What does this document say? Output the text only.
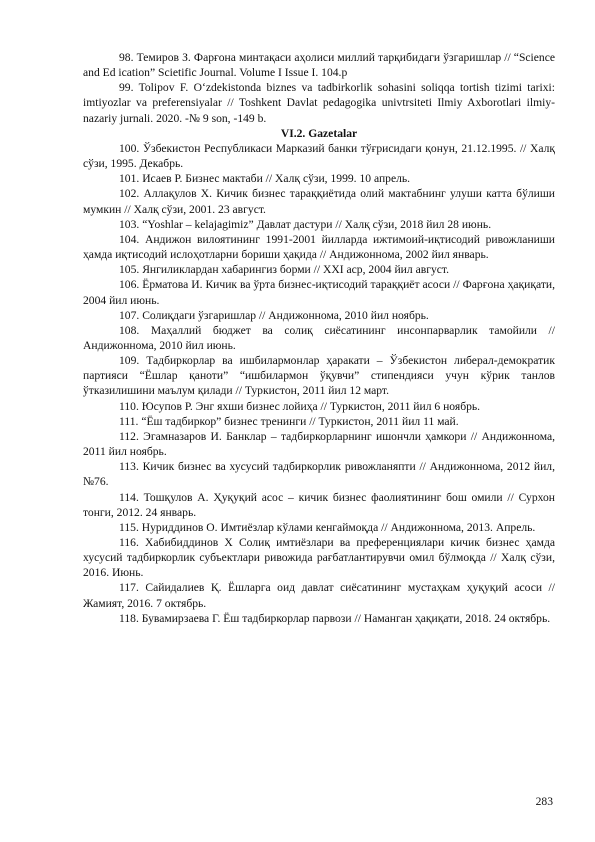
98. Темиров З. Фарғона минтақаси аҳолиси миллий тарқибидаги ўзгаришлар // “Science and Ed ication” Scietific Journal. Volume I Issue I. 104.p

99. Tolipov F. O‘zdekistonda biznes va tadbirkorlik sohasini soliqqa tortish tizimi tarixi: imtiyozlar va preferensiyalar // Toshkent Davlat pedagogika univtrsiteti Ilmiy Axborotlari ilmiy-nazariy jurnali. 2020. -№ 9 son, -149 b.

VI.2. Gazetalar

100. Ўзбекистон Республикаси Марказий банки тўғрисидаги қонун, 21.12.1995. // Халқ сўзи, 1995. Декабрь.

101. Исаев Р. Бизнес мактаби // Халқ сўзи, 1999. 10 апрель.

102. Аллақулов Х. Кичик бизнес тараққиётида олий мактабнинг улуши катта бўлиши мумкин // Халқ сўзи, 2001. 23 август.

103. “Yoshlar – kelajagimiz” Давлат дастури // Халқ сўзи, 2018 йил 28 июнь.

104. Андижон вилоятининг 1991-2001 йилларда ижтимоий-иқтисодий ривожланиши ҳамда иқтисодий ислоҳотларни бориши ҳақида // Андижоннома, 2002 йил январь.

105. Янгиликлардан хабарингиз борми // XXI аср, 2004 йил август.

106. Ёрматова И. Кичик ва ўрта бизнес-иқтисодий тараққиёт асоси // Фарғона ҳақиқати, 2004 йил июнь.

107. Солиқдаги ўзгаришлар // Андижоннома, 2010 йил ноябрь.

108. Маҳаллий бюджет ва солиқ сиёсатининг инсонпарварлик тамойили // Андижоннома, 2010 йил июнь.

109. Тадбиркорлар ва ишбилармонлар ҳаракати – Ўзбекистон либерал-демократик партияси “Ёшлар қаноти” “ишбилармон ўқувчи” стипендияси учун кўрик танлов ўтказилишини маълум қилади // Туркистон, 2011 йил 12 март.

110. Юсупов Р. Энг яхши бизнес лойиҳа // Туркистон, 2011 йил 6 ноябрь.

111. “Ёш тадбиркор” бизнес тренинги // Туркистон, 2011 йил 11 май.

112. Эгамназаров И. Банклар – тадбиркорларнинг ишончли ҳамкори // Андижоннома, 2011 йил ноябрь.

113. Кичик бизнес ва хусусий тадбиркорлик ривожланяпти // Андижоннома, 2012 йил, №76.

114. Тошқулов А. Ҳуқуқий асос – кичик бизнес фаолиятининг бош омили // Сурхон тонги, 2012. 24 январь.

115. Нуриддинов О. Имтиёзлар кўлами кенгаймоқда // Андижоннома, 2013. Апрель.

116. Хабибиддинов Х Солиқ имтиёзлари ва преференциялари кичик бизнес ҳамда хусусий тадбиркорлик субъектлари ривожида рағбатлантирувчи омил бўлмоқда // Халқ сўзи, 2016. Июнь.

117. Сайидалиев Қ. Ёшларга оид давлат сиёсатининг мустаҳкам ҳуқуқий асоси // Жамият, 2016. 7 октябрь.

118. Бувамирзаева Г. Ёш тадбиркорлар парвози // Наманган ҳақиқати, 2018. 24 октябрь.

283
